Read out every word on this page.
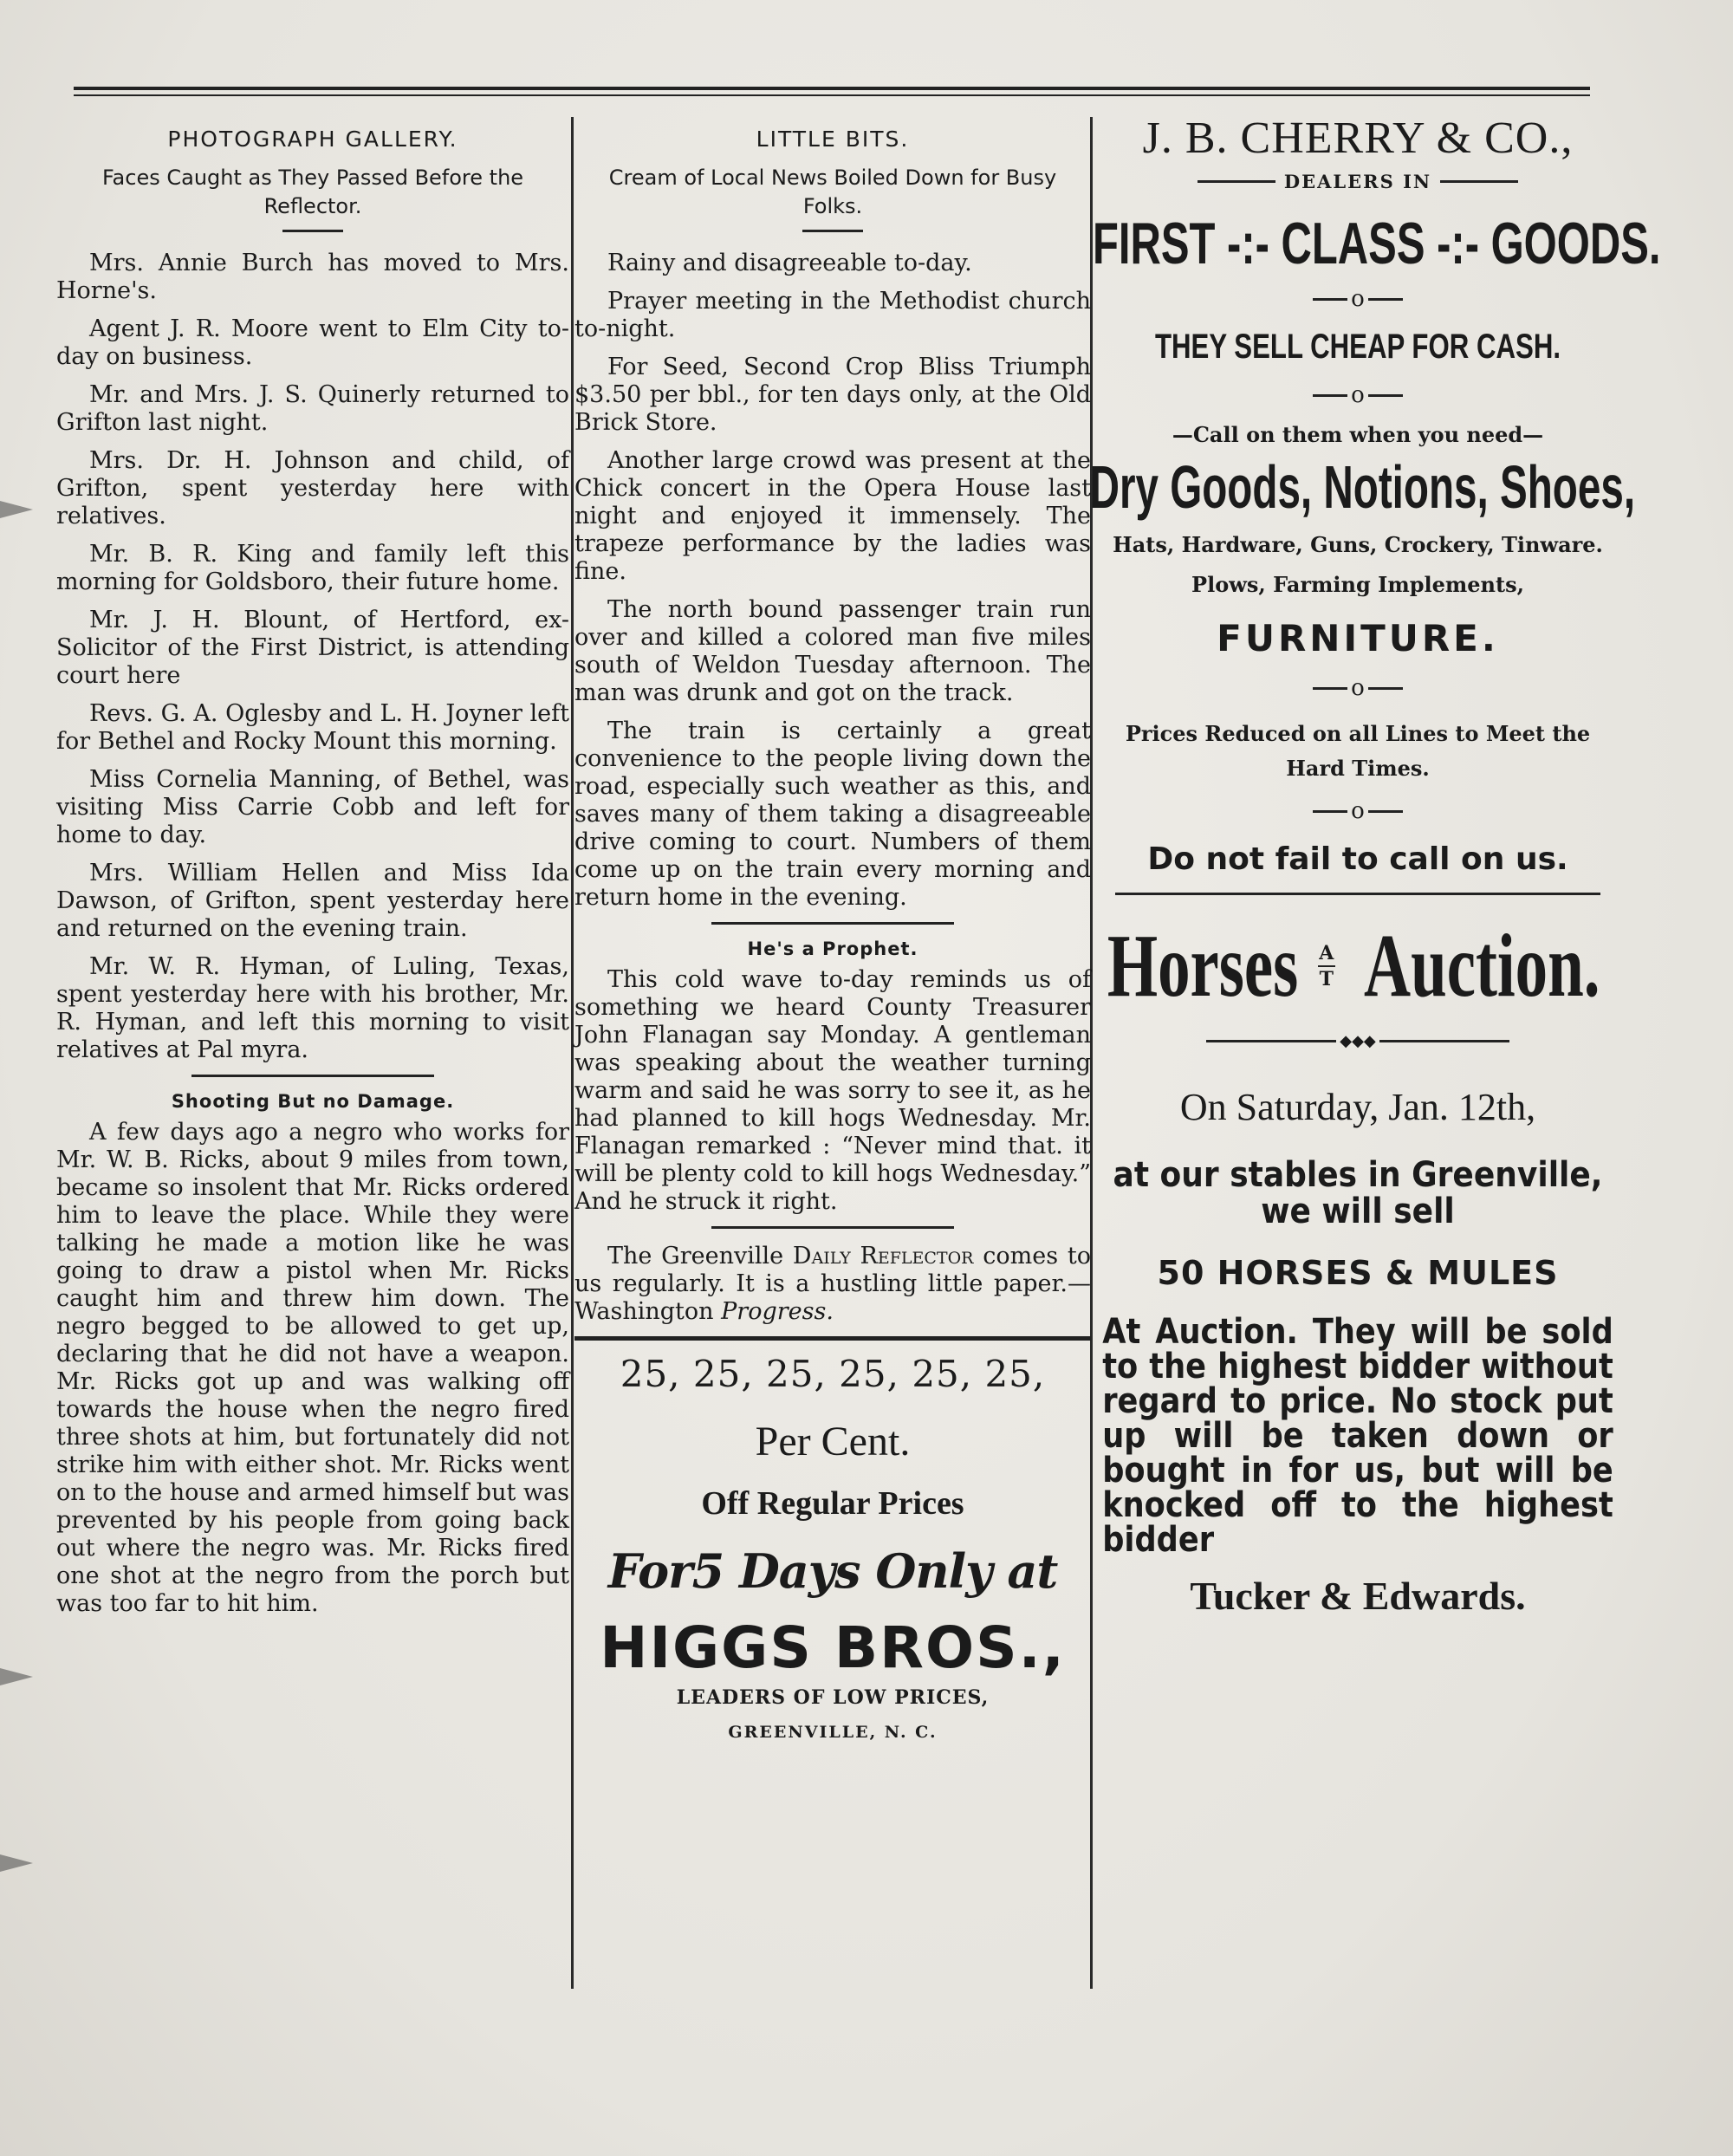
PHOTOGRAPH GALLERY.
Faces Caught as They Passed Before the Reflector.

Mrs. Annie Burch has moved to Mrs. Horne's.

Agent J. R. Moore went to Elm City to-day on business.

Mr. and Mrs. J. S. Quinerly returned to Grifton last night.

Mrs. Dr. H. Johnson and child, of Grifton, spent yesterday here with relatives.

Mr. B. R. King and family left this morning for Goldsboro, their future home.

Mr. J. H. Blount, of Hertford, ex-Solicitor of the First District, is attending court here

Revs. G. A. Oglesby and L. H. Joyner left for Bethel and Rocky Mount this morning.

Miss Cornelia Manning, of Bethel, was visiting Miss Carrie Cobb and left for home to day.

Mrs. William Hellen and Miss Ida Dawson, of Grifton, spent yesterday here and returned on the evening train.

Mr. W. R. Hyman, of Luling, Texas, spent yesterday here with his brother, Mr. R. Hyman, and left this morning to visit relatives at Pal myra.

Shooting But no Damage.

A few days ago a negro who works for Mr. W. B. Ricks, about 9 miles from town, became so insolent that Mr. Ricks ordered him to leave the place. While they were talking he made a motion like he was going to draw a pistol when Mr. Ricks caught him and threw him down. The negro begged to be allowed to get up, declaring that he did not have a weapon. Mr. Ricks got up and was walking off towards the house when the negro fired three shots at him, but fortunately did not strike him with either shot. Mr. Ricks went on to the house and armed himself but was prevented by his people from going back out where the negro was. Mr. Ricks fired one shot at the negro from the porch but was too far to hit him.

LITTLE BITS.
Cream of Local News Boiled Down for Busy Folks.

Rainy and disagreeable to-day.

Prayer meeting in the Methodist church to-night.

For Seed, Second Crop Bliss Triumph $3.50 per bbl., for ten days only, at the Old Brick Store.

Another large crowd was present at the Chick concert in the Opera House last night and enjoyed it immensely. The trapeze performance by the ladies was fine.

The north bound passenger train run over and killed a colored man five miles south of Weldon Tuesday afternoon. The man was drunk and got on the track.

The train is certainly a great convenience to the people living down the road, especially such weather as this, and saves many of them taking a disagreeable drive coming to court. Numbers of them come up on the train every morning and return home in the evening.

He's a Prophet.

This cold wave to-day reminds us of something we heard County Treasurer John Flanagan say Monday. A gentleman was speaking about the weather turning warm and said he was sorry to see it, as he had planned to kill hogs Wednesday. Mr. Flanagan remarked : “Never mind that. it will be plenty cold to kill hogs Wednesday.” And he struck it right.

The Greenville Daily Reflector comes to us regularly. It is a hustling little paper.—Washington Progress.

25, 25, 25, 25, 25, 25,
Per Cent.
Off Regular Prices
For5 Days Only at
HIGGS BROS.,
LEADERS OF LOW PRICES,
GREENVILLE, N. C.
J. B. CHERRY & CO.,
DEALERS IN
FIRST -:- CLASS -:- GOODS.
o
THEY SELL CHEAP FOR CASH.
o
—Call on them when you need—
Dry Goods, Notions, Shoes,
Hats, Hardware, Guns, Crockery, Tinware. Plows, Farming Implements,
FURNITURE.
o
Prices Reduced on all Lines to Meet the Hard Times.
o
Do not fail to call on us.
Horses A
T Auction.
◆◆◆
On Saturday, Jan. 12th,
at our stables in Greenville, we will sell
50 HORSES & MULES
At Auction. They will be sold to the highest bidder without regard to price. No stock put up will be taken down or bought in for us, but will be knocked off to the highest bidder
Tucker & Edwards.
